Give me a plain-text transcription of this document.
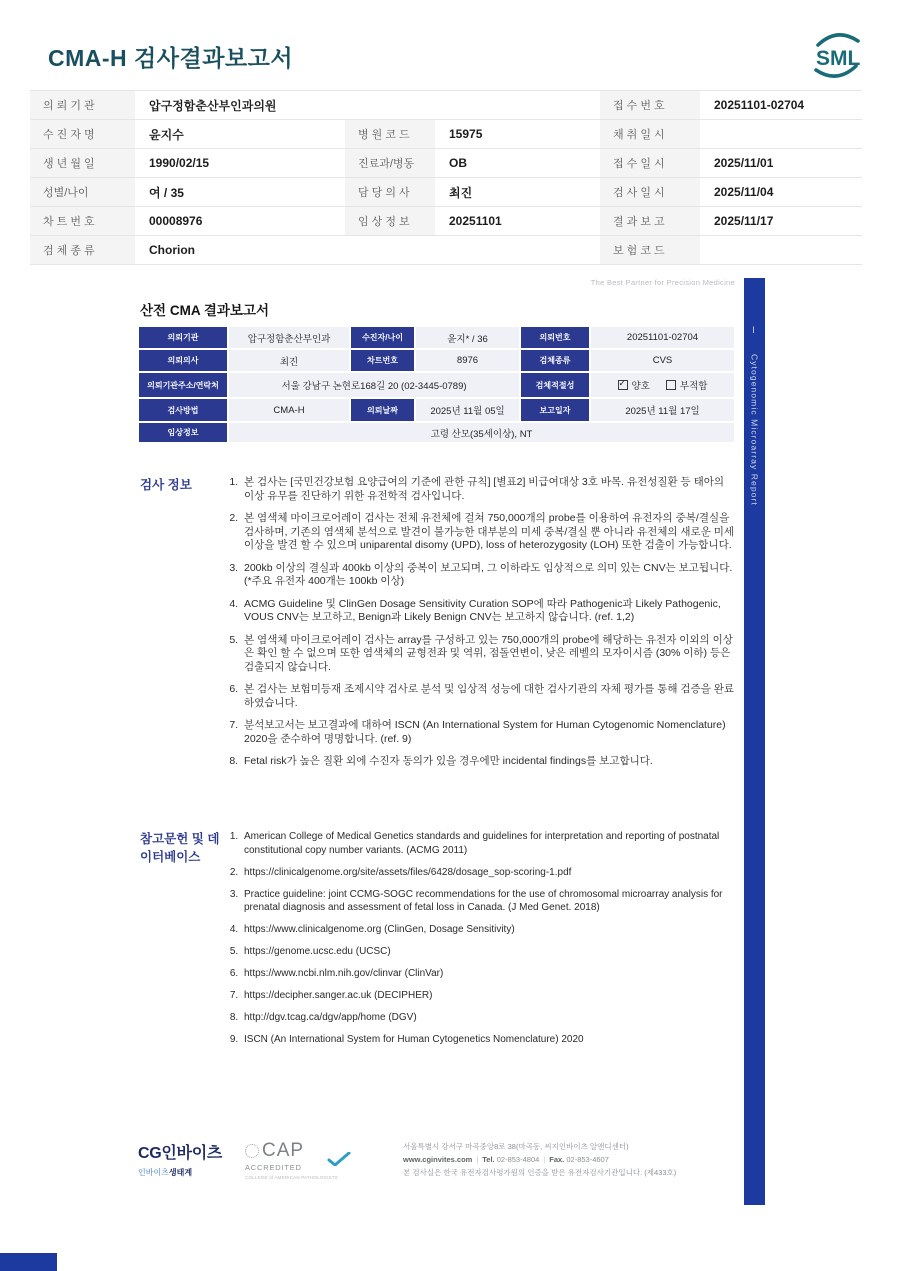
CMA-H 검사결과보고서	SML
의 뢰 기 관	압구정함춘산부인과의원	접 수 번 호	20251101-02704
수 진 자 명	윤지수	병 원 코 드	15975	채 취 일 시
생 년 월 일	1990/02/15	진료과/병동	OB	접 수 일 시	2025/11/01
성별/나이	여 / 35	담 당 의 사	최진	검 사 일 시	2025/11/04
차 트 번 호	00008976	임 상 정 보	20251101	결 과 보 고	2025/11/17
검 체 종 류	Chorion	보 험 코 드
The Best Partner for Precision Medicine
산전 CMA 결과보고서
의뢰기관	압구정함춘산부인과	수진자/나이	윤지* / 36	의뢰번호	20251101-02704
의뢰의사	최진	차트번호	8976	검체종류	CVS
의뢰기관주소/연락처	서울 강남구 논현로168길 20 (02-3445-0789)	검체적절성 ✓	양호	부적합
검사방법	CMA-H	의뢰날짜	2025년 11월 05일	보고일자	2025년 11월 17일
임상정보	고령 산모(35세이상), NT
검사 정보	1. 본 검사는 [국민건강보험 요양급여의 기준에 관한 규칙] [별표2] 비급여대상 3호 바목. 유전성질환 등 태아의 이상 유무를 진단하기 위한 유전학적 검사입니다.
2. 본 염색체 마이크로어레이 검사는 전체 유전체에 걸쳐 750,000개의 probe를 이용하여 유전자의 중복/결실을 검사하며, 기존의 염색체 분석으로 발견이 불가능한 대부분의 미세 중복/결실 뿐 아니라 유전체의 새로운 미세이상을 발견 할 수 있으며 uniparental disomy (UPD), loss of heterozygosity (LOH) 또한 검출이 가능합니다.
3. 200kb 이상의 결실과 400kb 이상의 중복이 보고되며, 그 이하라도 임상적으로 의미 있는 CNV는 보고됩니다. (*주요 유전자 400개는 100kb 이상)
4. ACMG Guideline 및 ClinGen Dosage Sensitivity Curation SOP에 따라 Pathogenic과 Likely Pathogenic, VOUS CNV는 보고하고, Benign과 Likely Benign CNV는 보고하지 않습니다. (ref. 1,2)
5. 본 염색체 마이크로어레이 검사는 array를 구성하고 있는 750,000개의 probe에 해당하는 유전자 이외의 이상은 확인 할 수 없으며 또한 염색체의 균형전좌 및 역위, 점돌연변이, 낮은 레벨의 모자이시즘 (30% 이하) 등은 검출되지 않습니다.
6. 본 검사는 보험미등재 조제시약 검사로 분석 및 임상적 성능에 대한 검사기관의 자체 평가를 통해 검증을 완료하였습니다.
7. 분석보고서는 보고결과에 대하여 ISCN (An International System for Human Cytogenomic Nomenclature) 2020을 준수하여 명명합니다. (ref. 9)
8. Fetal risk가 높은 질환 외에 수진자 동의가 있을 경우에만 incidental findings를 보고합니다.
참고문헌 및 데이터베이스
1. American College of Medical Genetics standards and guidelines for interpretation and reporting of postnatal constitutional copy number variants. (ACMG 2011)
2. https://clinicalgenome.org/site/assets/files/6428/dosage_sop-scoring-1.pdf
3. Practice guideline: joint CCMG-SOGC recommendations for the use of chromosomal microarray analysis for prenatal diagnosis and assessment of fetal loss in Canada. (J Med Genet. 2018)
4. https://www.clinicalgenome.org (ClinGen, Dosage Sensitivity)
5. https://genome.ucsc.edu (UCSC)
6. https://www.ncbi.nlm.nih.gov/clinvar (ClinVar)
7. https://decipher.sanger.ac.uk (DECIPHER)
8. http://dgv.tcag.ca/dgv/app/home (DGV)
9. ISCN (An International System for Human Cytogenetics Nomenclature) 2020
CG인바이츠
인바이츠생태계
CAP
ACCREDITED
COLLEGE of AMERICAN PATHOLOGISTS
서울특별시 강서구 마곡중앙8로 38(마곡동, 씨지인바이츠 알앤디센터)
www.cginvites.com | Tel. 02-853-4804 | Fax. 02-853-4607
본 검사실은 한국 유전자검사평가원의 인증을 받은 유전자검사기관입니다. (제433호)
Ⅰ
Cytogenomic Microarray Report
